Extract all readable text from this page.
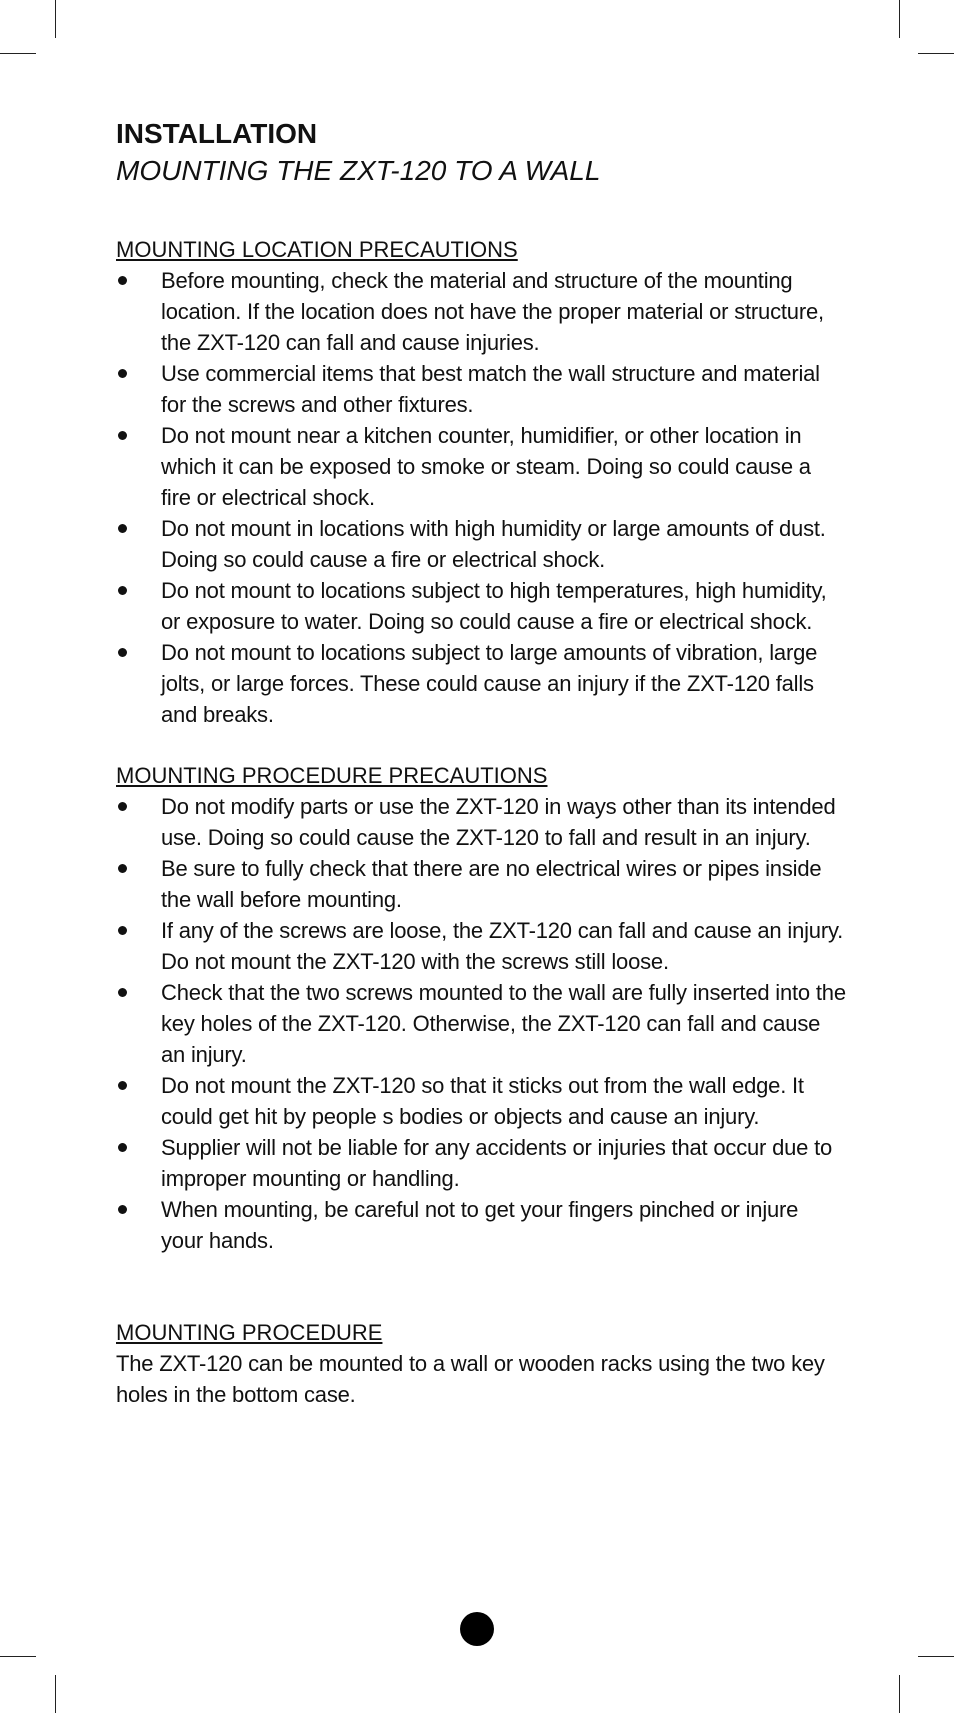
INSTALLATION

MOUNTING THE ZXT-120 TO A WALL

MOUNTING LOCATION PRECAUTIONS

Before mounting, check the material and structure of the mounting location. If the location does not have the proper material or structure, the ZXT-120 can fall and cause injuries.
Use commercial items that best match the wall structure and material for the screws and other fixtures.
Do not mount near a kitchen counter, humidifier, or other location in which it can be exposed to smoke or steam. Doing so could cause a fire or electrical shock.
Do not mount in locations with high humidity or large amounts of dust. Doing so could cause a fire or electrical shock.
Do not mount to locations subject to high temperatures, high humidity, or exposure to water. Doing so could cause a fire or electrical shock.
Do not mount to locations subject to large amounts of vibration, large jolts, or large forces. These could cause an injury if the ZXT-120 falls and breaks.

MOUNTING PROCEDURE PRECAUTIONS

Do not modify parts or use the ZXT-120 in ways other than its intended use. Doing so could cause the ZXT-120 to fall and result in an injury.
Be sure to fully check that there are no electrical wires or pipes inside the wall before mounting.
If any of the screws are loose, the ZXT-120 can fall and cause an injury. Do not mount the ZXT-120 with the screws still loose.
Check that the two screws mounted to the wall are fully inserted into the key holes of the ZXT-120. Otherwise, the ZXT-120 can fall and cause an injury.
Do not mount the ZXT-120 so that it sticks out from the wall edge. It could get hit by people s bodies or objects and cause an injury.
Supplier will not be liable for any accidents or injuries that occur due to improper mounting or handling.
When mounting, be careful not to get your fingers pinched or injure your hands.

MOUNTING PROCEDURE

The ZXT-120 can be mounted to a wall or wooden racks using the two key holes in the bottom case.
